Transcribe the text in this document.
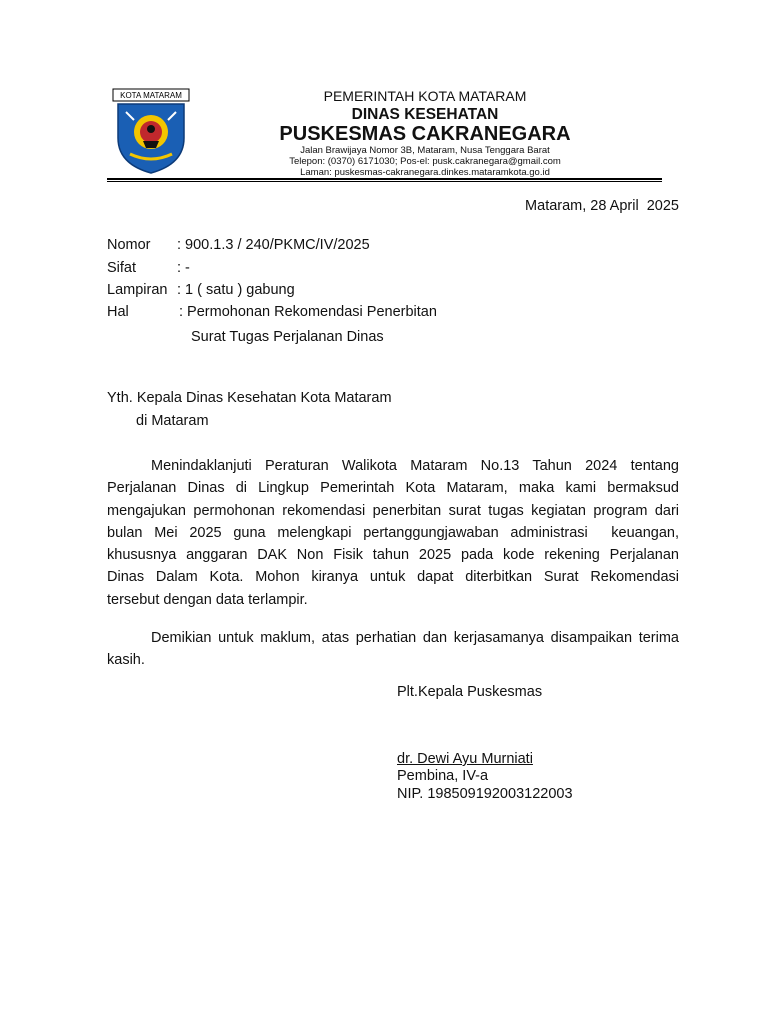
KOTA MATARAM	PEMERINTAH KOTA MATARAM
DINAS KESEHATAN
PUSKESMAS CAKRANEGARA
Jalan Brawijaya Nomor 3B, Mataram, Nusa Tenggara Barat
Telepon: (0370) 6171030; Pos-el: pusk.cakranegara@gmail.com
Laman: puskesmas-cakranegara.dinkes.mataramkota.go.id
Mataram, 28 April  2025
Nomor : 900.1.3 / 240/PKMC/IV/2025
Sifat	: -
Lampiran : 1 ( satu ) gabung
Hal	: Permohonan Rekomendasi Penerbitan
Surat Tugas Perjalanan Dinas
Yth. Kepala Dinas Kesehatan Kota Mataram
di Mataram
Menindaklanjuti Peraturan Walikota Mataram No.13 Tahun 2024 tentang
Perjalanan Dinas di Lingkup Pemerintah Kota Mataram, maka kami bermaksud
mengajukan permohonan rekomendasi penerbitan surat tugas kegiatan program dari
bulan Mei 2025 guna melengkapi pertanggungjawaban administrasi  keuangan,
khususnya anggaran DAK Non Fisik tahun 2025 pada kode rekening Perjalanan
Dinas Dalam Kota. Mohon kiranya untuk dapat diterbitkan Surat Rekomendasi
tersebut dengan data terlampir.
Demikian untuk maklum, atas perhatian dan kerjasamanya disampaikan terima
kasih.
Plt.Kepala Puskesmas
dr. Dewi Ayu Murniati
Pembina, IV-a
NIP. 198509192003122003
